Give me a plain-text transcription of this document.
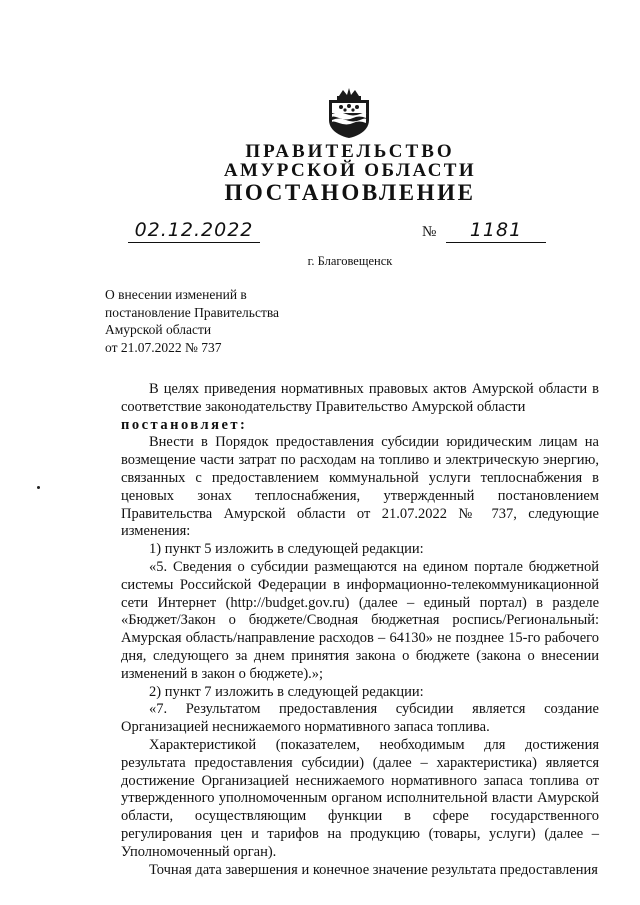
ПРАВИТЕЛЬСТВО
АМУРСКОЙ ОБЛАСТИ
ПОСТАНОВЛЕНИЕ
02.12.2022	№	1181
г. Благовещенск
О внесении изменений в
постановление Правительства
Амурской области
от 21.07.2022 № 737

В целях приведения нормативных правовых актов Амурской области в соответствие законодательству Правительство Амурской области

постановляет:

Внести в Порядок предоставления субсидии юридическим лицам на возмещение части затрат по расходам на топливо и электрическую энергию, связанных с предоставлением коммунальной услуги теплоснабжения в ценовых зонах теплоснабжения, утвержденный постановлением Правительства Амурской области от 21.07.2022 № 737, следующие изменения:

1) пункт 5 изложить в следующей редакции:

«5. Сведения о субсидии размещаются на едином портале бюджетной системы Российской Федерации в информационно-телекоммуникационной сети Интернет (http://budget.gov.ru) (далее – единый портал) в разделе «Бюджет/Закон о бюджете/Сводная бюджетная роспись/Региональный: Амурская область/направление расходов – 64130» не позднее 15-го рабочего дня, следующего за днем принятия закона о бюджете (закона о внесении изменений в закон о бюджете).»;

2) пункт 7 изложить в следующей редакции:

«7. Результатом предоставления субсидии является создание Организацией неснижаемого нормативного запаса топлива.

Характеристикой (показателем, необходимым для достижения результата предоставления субсидии) (далее – характеристика) является достижение Организацией неснижаемого нормативного запаса топлива от утвержденного уполномоченным органом исполнительной власти Амурской области, осуществляющим функции в сфере государственного регулирования цен и тарифов на продукцию (товары, услуги) (далее – Уполномоченный орган).

Точная дата завершения и конечное значение результата предоставления
